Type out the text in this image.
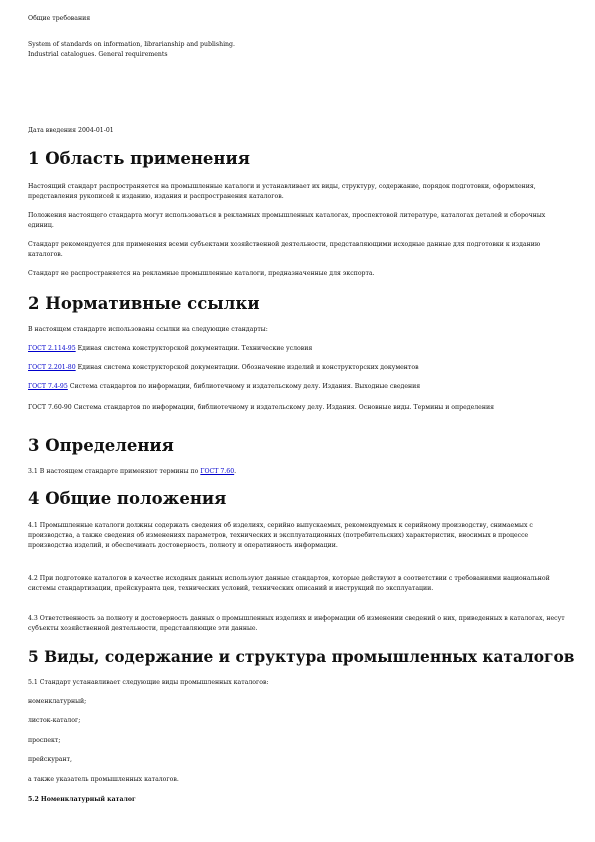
Общие требования

System of standards on information, librarianship and publishing.
Industrial catalogues. General requirements

Дата введения 2004-01-01

1 Область применения

Настоящий стандарт распространяется на промышленные каталоги и устанавливает их виды, структуру, содержание, порядок подготовки, оформления, представления рукописей к изданию, издания и распространения каталогов.

Положения настоящего стандарта могут использоваться в рекламных промышленных каталогах, проспектовой литературе, каталогах деталей и сборочных единиц.

Стандарт рекомендуется для применения всеми субъектами хозяйственной деятельности, представляющими исходные данные для подготовки к изданию каталогов.

Стандарт не распространяется на рекламные промышленные каталоги, предназначенные для экспорта.

2 Нормативные ссылки

В настоящем стандарте использованы ссылки на следующие стандарты:

ГОСТ 2.114-95 Единая система конструкторской документации. Технические условия

ГОСТ 2.201-80 Единая система конструкторской документации. Обозначение изделий и конструкторских документов

ГОСТ 7.4-95 Система стандартов по информации, библиотечному и издательскому делу. Издания. Выходные сведения

ГОСТ 7.60-90 Система стандартов по информации, библиотечному и издательскому делу. Издания. Основные виды. Термины и определения

3 Определения

3.1 В настоящем стандарте применяют термины по ГОСТ 7.60.

4 Общие положения

4.1 Промышленные каталоги должны содержать сведения об изделиях, серийно выпускаемых, рекомендуемых к серийному производству, снимаемых с производства, а также сведения об изменениях параметров, технических и эксплуатационных (потребительских) характеристик, вносимых в процессе производства изделий, и обеспечивать достоверность, полноту и оперативность информации.

4.2 При подготовке каталогов в качестве исходных данных используют данные стандартов, которые действуют в соответствии с требованиями национальной системы стандартизации, прейскуранта цен, технических условий, технических описаний и инструкций по эксплуатации.

4.3 Ответственность за полноту и достоверность данных о промышленных изделиях и информации об изменении сведений о них, приведенных в каталогах, несут субъекты хозяйственной деятельности, представляющие эти данные.

5 Виды, содержание и структура промышленных каталогов

5.1 Стандарт устанавливает следующие виды промышленных каталогов:

номенклатурный;

листок-каталог;

проспект;

прейскурант,

а также указатель промышленных каталогов.

5.2 Номенклатурный каталог
